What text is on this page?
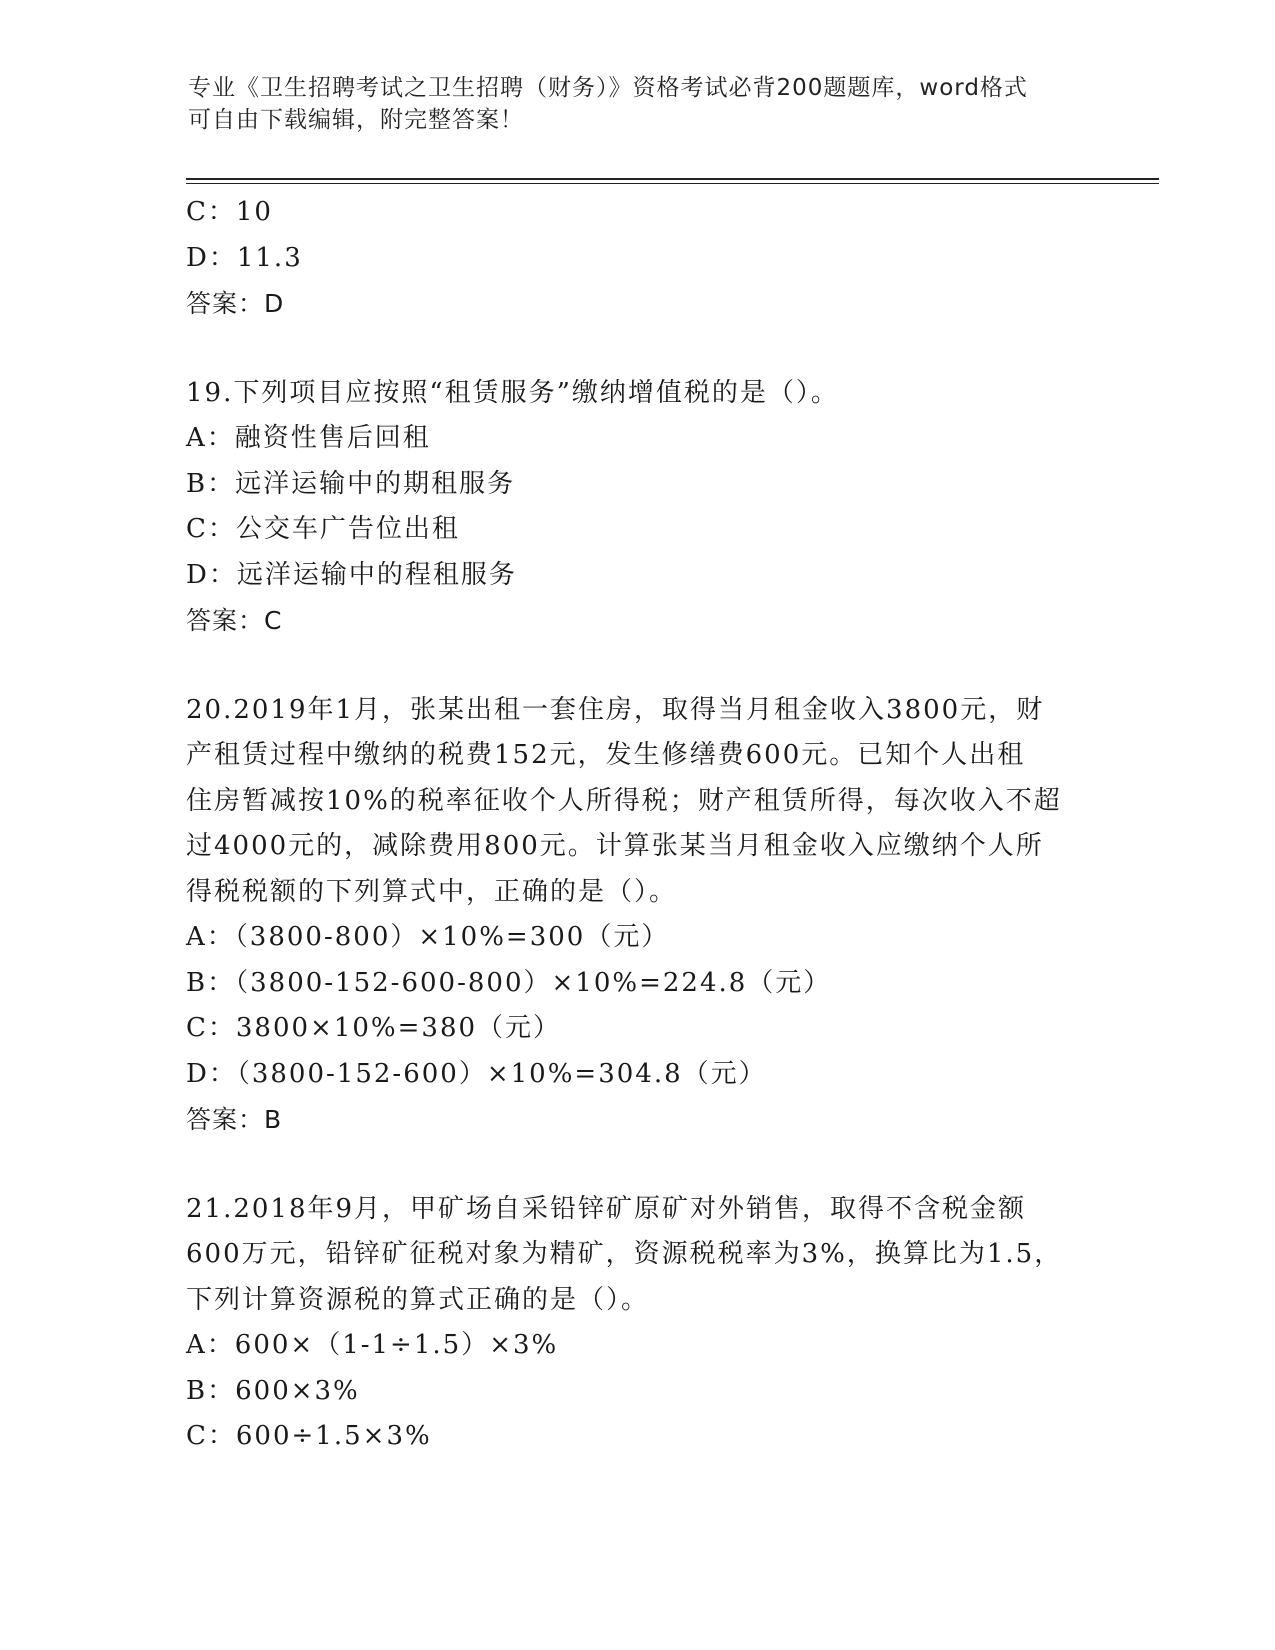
专业《卫生招聘考试之卫生招聘（财务）》资格考试必背200题题库，word格式
可自由下载编辑，附完整答案！
C：10
D：11.3
答案：D
19.下列项目应按照“租赁服务”缴纳增值税的是（）。
A：融资性售后回租
B：远洋运输中的期租服务
C：公交车广告位出租
D：远洋运输中的程租服务
答案：C
20.2019年1月，张某出租一套住房，取得当月租金收入3800元，财
产租赁过程中缴纳的税费152元，发生修缮费600元。已知个人出租
住房暂减按10%的税率征收个人所得税；财产租赁所得，每次收入不超
过4000元的，减除费用800元。计算张某当月租金收入应缴纳个人所
得税税额的下列算式中，正确的是（）。
A：（3800-800）×10%=300（元）
B：（3800-152-600-800）×10%=224.8（元）
C：3800×10%=380（元）
D：（3800-152-600）×10%=304.8（元）
答案：B
21.2018年9月，甲矿场自采铅锌矿原矿对外销售，取得不含税金额
600万元，铅锌矿征税对象为精矿，资源税税率为3%，换算比为1.5，
下列计算资源税的算式正确的是（）。
A：600×（1-1÷1.5）×3%
B：600×3%
C：600÷1.5×3%
